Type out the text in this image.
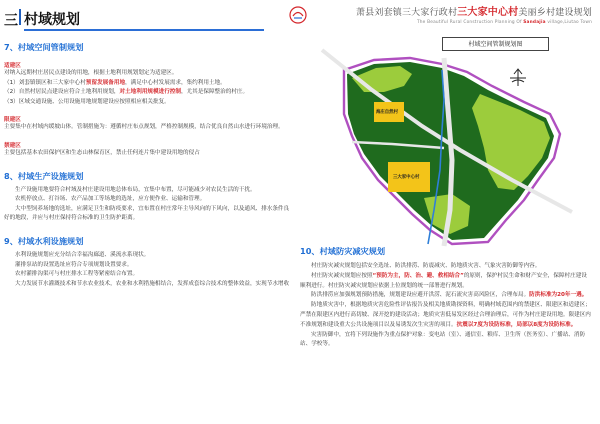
三 村域规划	萧县刘套镇三大家行政村三大家中心村美丽乡村建设规划
The Beautiful Rural Construction Planning Of Sandajia village,Liutao Town
7、村域空间管制规划
适建区
对纳入远期村庄居民点建设的用地，根据土地利用规划划定为适建区。
（1）刘套镇镇区和三大家中心村预留发展备用地，满足中心村发展需求，集约利用土地。
（2）自然村居民点建设应符合土地利用规划，对土地利用规模进行控制，尤其是保障整治的村庄。
（3）区域交通设施、公用设施用地规划建设应按照相应相关批复。
限建区
主要集中在村域内缓坡山体。管制措施为：遵循村庄布点规划，严格控制规模，结合优良自然山水进行环境治理。
禁建区
主要包括基本农田保护区和生态山林保育区，禁止任何连片集中建设用地的侵占
8、村域生产设施规划
生产设施用地要符合村域及村庄建设用地总体布局，宜集中布置，尽可能减少对农民生活的干扰。
农机停放点、打谷场、农产品加工等场地的选址，应方便作业、运输和管理。
大中型饲养场地的选址，应满足卫生和防疫要求，宜布置在村庄常年主导风向的下风向，以及通风、排水条件良好的地段，并应与村庄保持符合标准的卫生防护距离。
9、村域水利设施规划
水利设施规划应充分结合幸福沟廊道、溪流水系现状。
灌排泵站的设置选址应符合专项规划设置要求。
农村灌排沟渠可与村庄排水工程等紧密结合布置。
大力发展节水灌溉技术和节水农业技术，农业和水利措施相结合，发挥成套综合技术的整体效益，实现节水增收
村域空间管制规划图
海庄自然村
三大家中心村
10、村域防灾减灾规划
村庄防灾减灾规划包括安全选址、防洪排涝、防震减灾、防地质灾害、气象灾害防御等内容。
村庄防灾减灾规划应按照“预防为主，防、治、避、救相结合”的原则，保护村民生命和财产安全，保障村庄建设顺利进行。村庄防灾减灾规划应依据上位规划的统一部署进行规划。
防洪排涝应加强规划预防措施，规划建设应避开洪涝、泥石流灾害高风险区，合理布局。防洪标准为20年一遇。
防地质灾害中，根据地质灾害危险性评估报告及相关地质勘探资料，明确村域范围内的禁建区、限建区和适建区；严禁在限建区内进行高切坡、深开挖的建设活动；地质灾害低易发区经过合理治理后，可作为村庄建设用地。限建区内不准规划和建设重大公共设施项目以及易诱发次生灾害的项目。抗震以7度为设防标准，局部以8度为设防标准。
灾害防御中，宜将下列设施作为重点保护对象：变电站（室）、通信室、粮库、卫生所（医务室）、广播站、消防站、学校等。
